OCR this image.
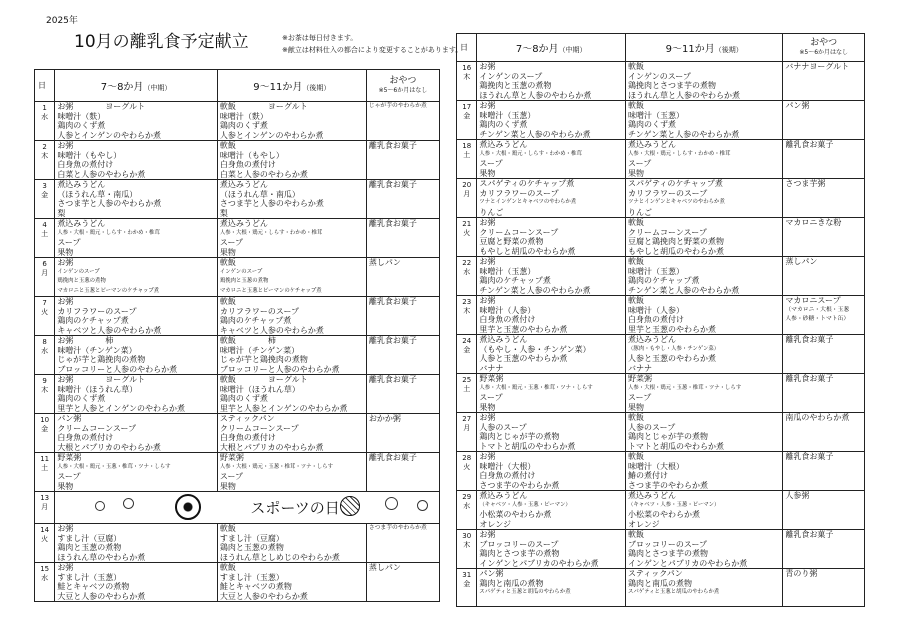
2025年
10月の離乳食予定献立	※お茶は毎日付きます。
※献立は材料仕入の都合により変更することがあります。
日	7～8か月（中期）	9～11か月（後期）	おやつ
※5～6か月はなし

1
水	お粥　　　　ヨーグルト
味噌汁（麩）
鶏肉のくず煮
人参とインゲンのやわらか煮	軟飯　　　　ヨーグルト
味噌汁（麩）
鶏肉のくず煮
人参とインゲンのやわらか煮	じゃが芋のやわらか煮

2
木	お粥
味噌汁（もやし）
白身魚の煮付け
白菜と人参のやわらか煮	軟飯
味噌汁（もやし）
白身魚の煮付け
白菜と人参のやわらか煮	離乳食お菓子

3
金	煮込みうどん
（ほうれん草・南瓜）
さつま芋と人参のやわらか煮
梨	煮込みうどん
（ほうれん草・南瓜）
さつま芋と人参のやわらか煮
梨	離乳食お菓子

4
土	煮込みうどん
人参・大根・鶏元・しらす・わかめ・椎茸
スープ
果物	煮込みうどん
人参・大根・鶏元・しらす・わかめ・椎茸
スープ
果物	離乳食お菓子

6
月	お粥
インゲンのスープ
鶏挽肉と玉葱の煮物
マカロニと玉葱とピーマンのケチャップ煮	軟飯
インゲンのスープ
鶏挽肉と玉葱の煮物
マカロニと玉葱とピーマンのケチャップ煮	蒸しパン

7
火	お粥
カリフラワーのスープ
鶏肉のケチャップ煮
キャベツと人参のやわらか煮	軟飯
カリフラワーのスープ
鶏肉のケチャップ煮
キャベツと人参のやわらか煮	離乳食お菓子

8
水	お粥　　　　柿
味噌汁（チンゲン菜）
じゃが芋と鶏挽肉の煮物
ブロッコリーと人参のやわらか煮	軟飯　　　　柿
味噌汁（チンゲン菜）
じゃが芋と鶏挽肉の煮物
ブロッコリーと人参のやわらか煮	離乳食お菓子

9
木	お粥　　　　ヨーグルト
味噌汁（ほうれん草）
鶏肉のくず煮
里芋と人参とインゲンのやわらか煮	軟飯　　　　ヨーグルト
味噌汁（ほうれん草）
鶏肉のくず煮
里芋と人参とインゲンのやわらか煮	離乳食お菓子

10
金	パン粥
クリームコーンスープ
白身魚の煮付け
大根とパプリカのやわらか煮	スティックパン
クリームコーンスープ
白身魚の煮付け
大根とパプリカのやわらか煮	おかか粥

11
土	野菜粥
人参・大根・鶏元・玉葱・椎茸・ツナ・しらす
スープ
果物	野菜粥
人参・大根・鶏元・玉葱・椎茸・ツナ・しらす
スープ
果物	離乳食お菓子

13
月	スポーツの日		

14
火	お粥
すまし汁（豆腐）
鶏肉と玉葱の煮物
ほうれん草のやわらか煮	軟飯
すまし汁（豆腐）
鶏肉と玉葱の煮物
ほうれん草としめじのやわらか煮	さつま芋のやわらか煮

15
水	お粥
すまし汁（玉葱）
鮭とキャベツの煮物
大豆と人参のやわらか煮	軟飯
すまし汁（玉葱）
鮭とキャベツの煮物
大豆と人参のやわらか煮	蒸しパン
日	7～8か月（中期）	9～11か月（後期）	おやつ
※5～6か月はなし

16
木	お粥
インゲンのスープ
鶏挽肉と玉葱の煮物
ほうれん草と人参のやわらか煮	軟飯
インゲンのスープ
鶏挽肉とさつま芋の煮物
ほうれん草と人参のやわらか煮	バナナヨーグルト

17
金	お粥
味噌汁（玉葱）
鶏肉のくず煮
チンゲン菜と人参のやわらか煮	軟飯
味噌汁（玉葱）
鶏肉のくず煮
チンゲン菜と人参のやわらか煮	パン粥

18
土	煮込みうどん
人参・大根・鶏元・しらす・わかめ・椎茸
スープ
果物	煮込みうどん
人参・大根・鶏元・しらす・わかめ・椎茸
スープ
果物	離乳食お菓子

20
月	スパゲティのケチャップ煮
カリフラワーのスープ
ツナとインゲンとキャベツのやわらか煮
りんご	スパゲティのケチャップ煮
カリフラワーのスープ
ツナとインゲンとキャベツのやわらか煮
りんご	さつま芋粥

21
火	お粥
クリームコーンスープ
豆腐と野菜の煮物
もやしと胡瓜のやわらか煮	軟飯
クリームコーンスープ
豆腐と鶏挽肉と野菜の煮物
もやしと胡瓜のやわらか煮	マカロニきな粉

22
水	お粥
味噌汁（玉葱）
鶏肉のケチャップ煮
チンゲン菜と人参のやわらか煮	軟飯
味噌汁（玉葱）
鶏肉のケチャップ煮
チンゲン菜と人参のやわらか煮	蒸しパン

23
木	お粥
味噌汁（人参）
白身魚の煮付け
里芋と玉葱のやわらか煮	軟飯
味噌汁（人参）
白身魚の煮付け
里芋と玉葱のやわらか煮	マカロニスープ
（マカロニ・大根・玉葱
人参・砂糖・トマト缶）

24
金	煮込みうどん
（もやし・人参・チンゲン菜）
人参と玉葱のやわらか煮
バナナ	煮込みうどん
（豚肉・もやし・人参・チンゲン菜）
人参と玉葱のやわらか煮
バナナ	離乳食お菓子

25
土	野菜粥
人参・大根・鶏元・玉葱・椎茸・ツナ・しらす
スープ
果物	野菜粥
人参・大根・鶏元・玉葱・椎茸・ツナ・しらす
スープ
果物	離乳食お菓子

27
月	お粥
人参のスープ
鶏肉とじゃが芋の煮物
トマトと胡瓜のやわらか煮	軟飯
人参のスープ
鶏肉とじゃが芋の煮物
トマトと胡瓜のやわらか煮	南瓜のやわらか煮

28
火	お粥
味噌汁（大根）
白身魚の煮付け
さつま芋のやわらか煮	軟飯
味噌汁（大根）
鰆の煮付け
さつま芋のやわらか煮	離乳食お菓子

29
水	煮込みうどん
（キャベツ・人参・玉葱・ピーマン）
小松菜のやわらか煮
オレンジ	煮込みうどん
（キャベツ・人参・玉葱・ピーマン）
小松菜のやわらか煮
オレンジ	人参粥

30
木	お粥
ブロッコリーのスープ
鶏肉とさつま芋の煮物
インゲンとパプリカのやわらか煮	軟飯
ブロッコリーのスープ
鶏肉とさつま芋の煮物
インゲンとパプリカのやわらか煮	離乳食お菓子

31
金	パン粥
鶏肉と南瓜の煮物
スパゲティと玉葱と胡瓜のやわらか煮	スティックパン
鶏肉と南瓜の煮物
スパゲティと玉葱と胡瓜のやわらか煮	青のり粥
